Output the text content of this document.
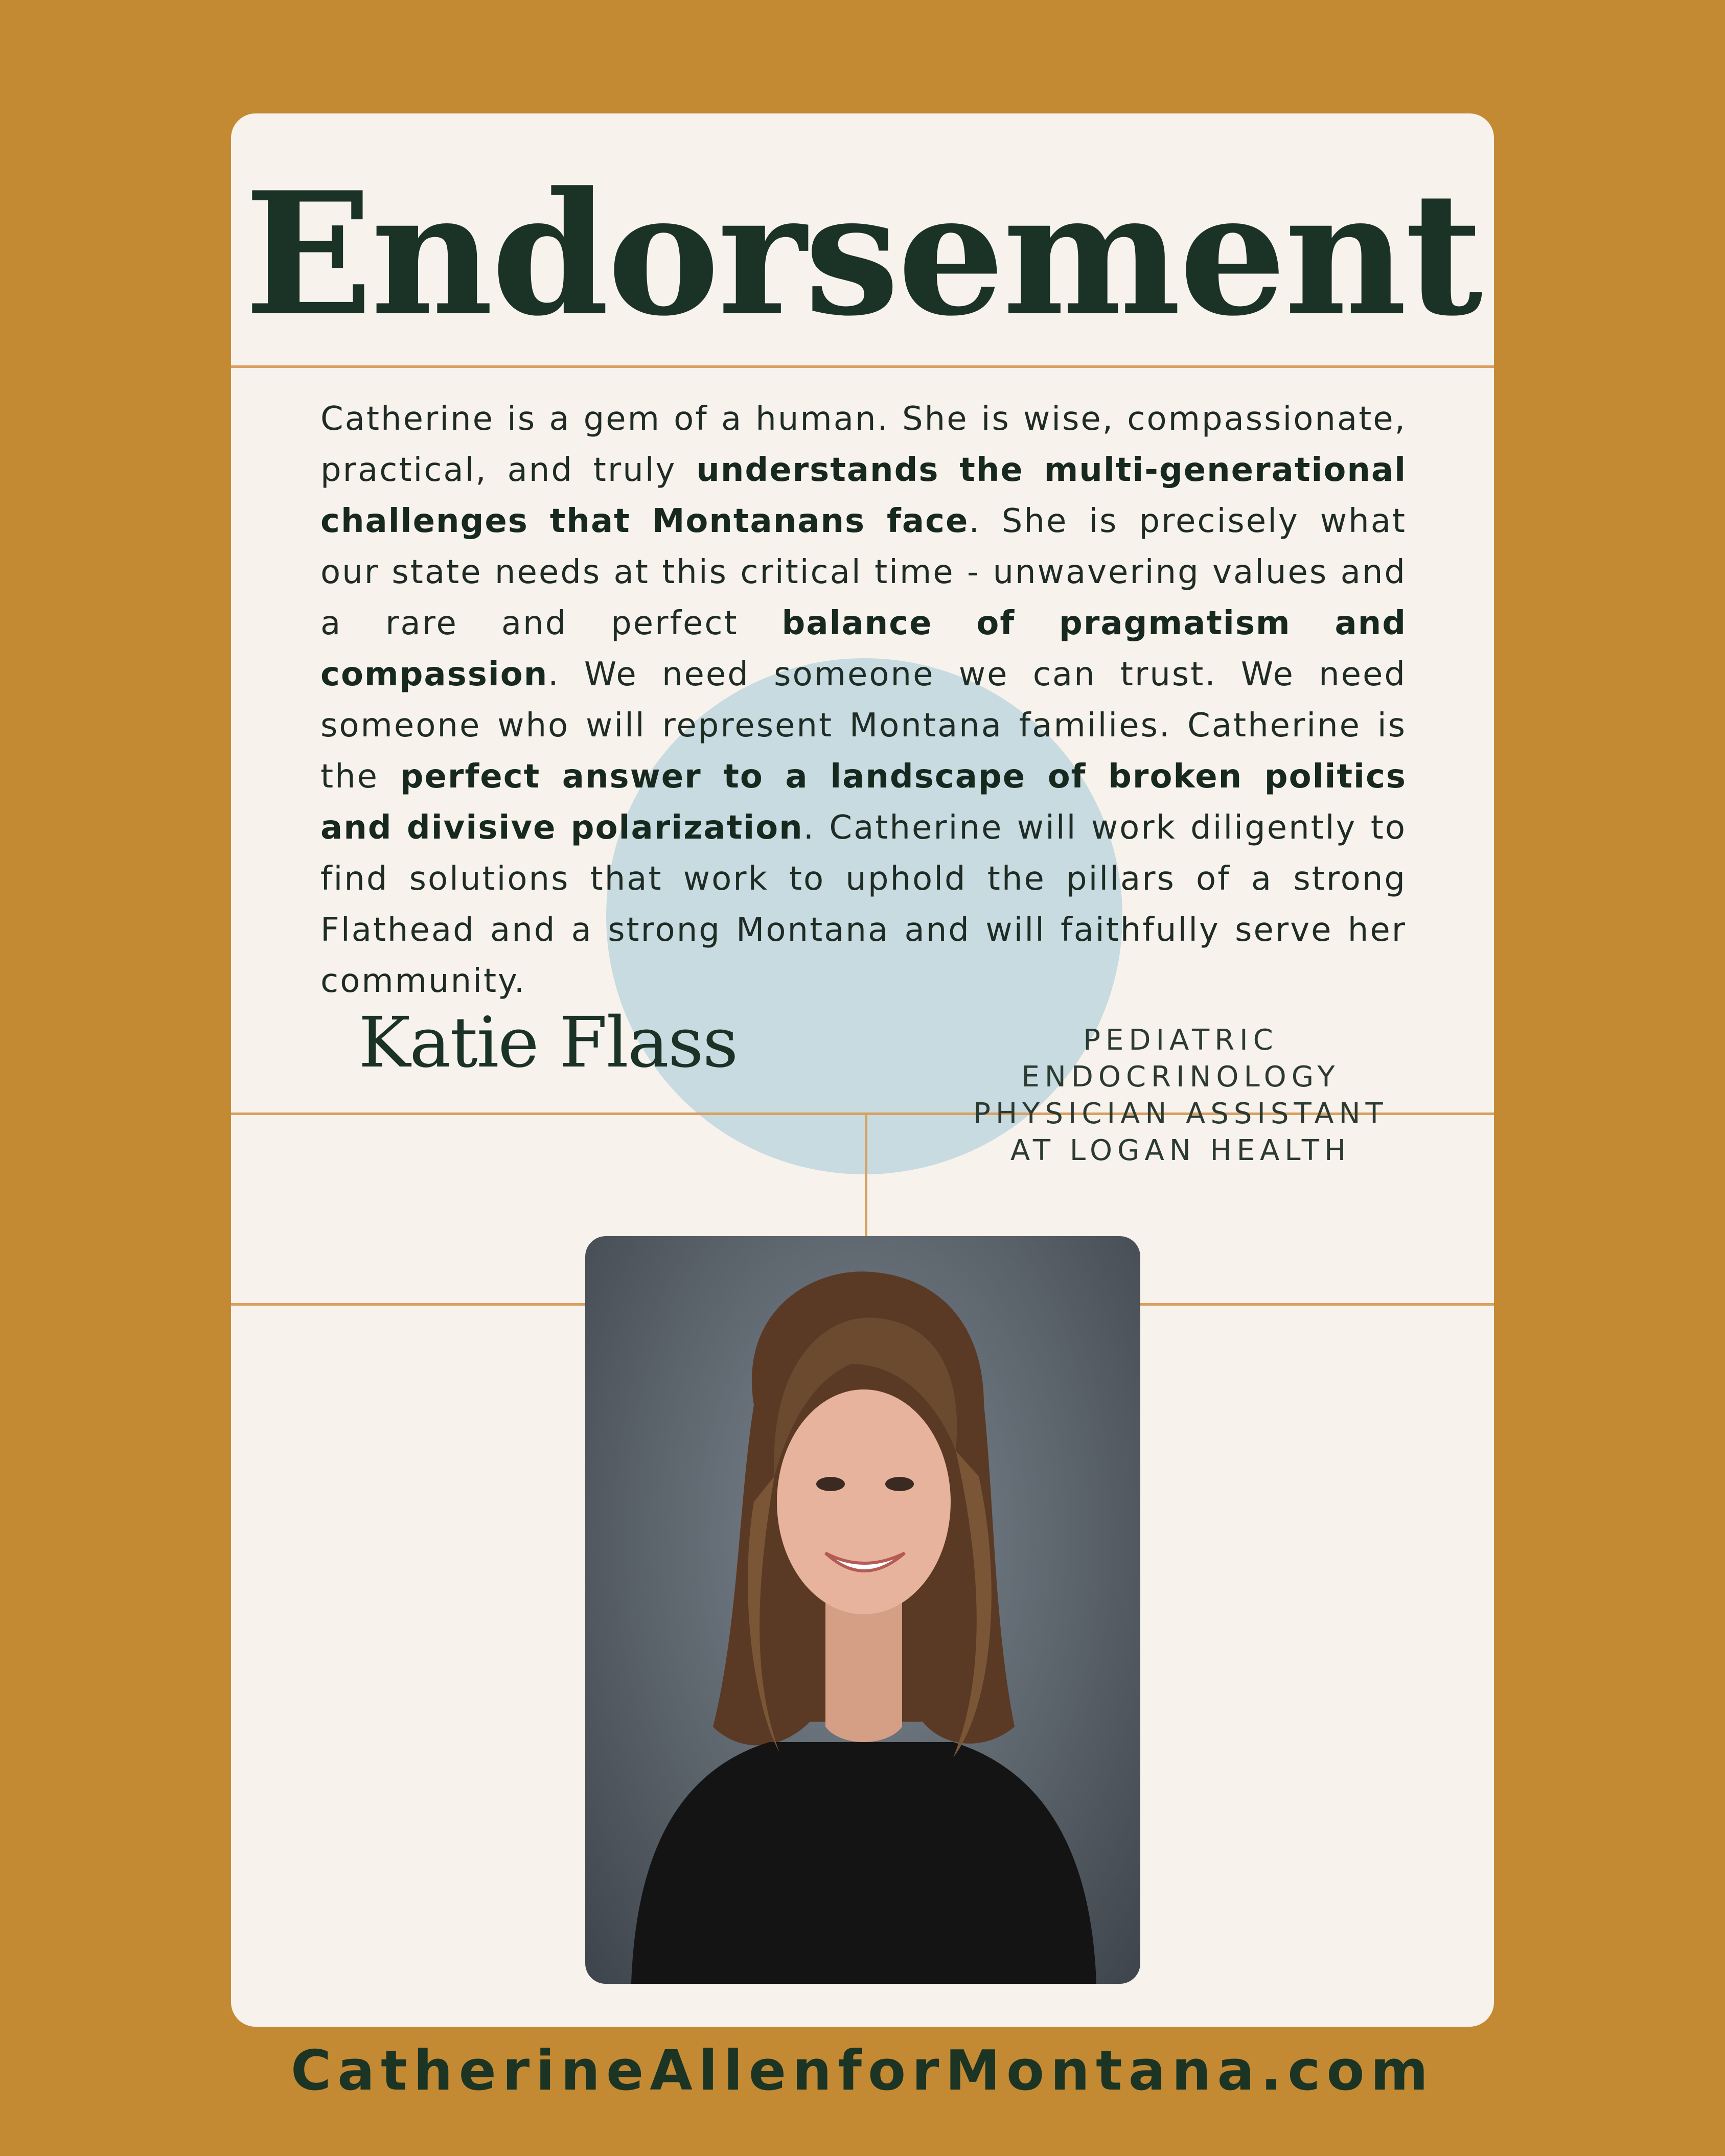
Endorsement

Catherine is a gem of a human. She is wise, compassionate, practical, and truly understands the multi-generational challenges that Montanans face. She is precisely what our state needs at this critical time - unwavering values and a rare and perfect balance of pragmatism and compassion. We need someone we can trust. We need someone who will represent Montana families. Catherine is the perfect answer to a landscape of broken politics and divisive polarization. Catherine will work diligently to find solutions that work to uphold the pillars of a strong Flathead and a strong Montana and will faithfully serve her community.

Katie Flass	PEDIATRIC
ENDOCRINOLOGY
PHYSICIAN ASSISTANT
AT LOGAN HEALTH
CatherineAllenforMontana.com
